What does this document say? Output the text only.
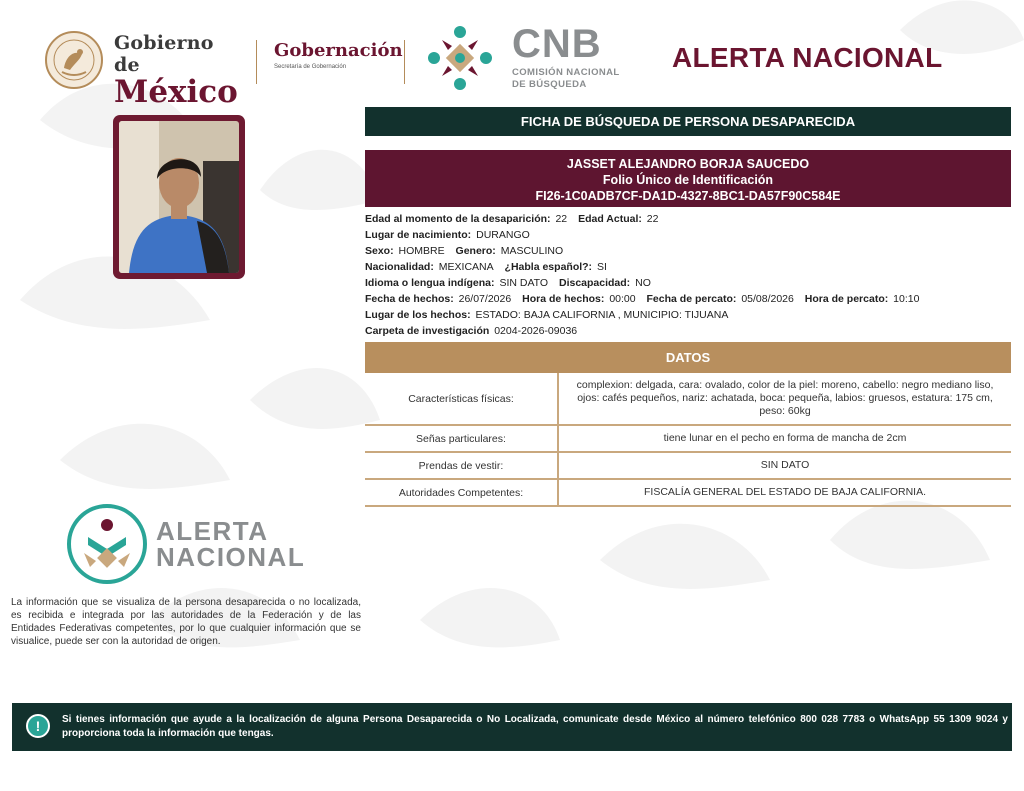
Gobierno de
México
Gobernación
Secretaría de Gobernación
CNB
COMISIÓN NACIONAL
DE BÚSQUEDA
ALERTA NACIONAL
FICHA DE BÚSQUEDA DE PERSONA DESAPARECIDA
JASSET ALEJANDRO BORJA SAUCEDO
Folio Único de Identificación
FI26-1C0ADB7CF-DA1D-4327-8BC1-DA57F90C584E
Edad al momento de la desaparición: 22 Edad Actual: 22
Lugar de nacimiento: DURANGO
Sexo: HOMBRE Genero: MASCULINO
Nacionalidad: MEXICANA ¿Habla español?: SI
Idioma o lengua indígena: SIN DATO Discapacidad: NO
Fecha de hechos: 26/07/2026 Hora de hechos: 00:00 Fecha de percato: 05/08/2026 Hora de percato: 10:10
Lugar de los hechos: ESTADO: BAJA CALIFORNIA , MUNICIPIO: TIJUANA
Carpeta de investigación 0204-2026-09036
DATOS
Características físicas:	complexion: delgada, cara: ovalado, color de la piel: moreno, cabello: negro mediano liso, ojos: cafés pequeños, nariz: achatada, boca: pequeña, labios: gruesos, estatura: 175 cm, peso: 60kg
Señas particulares:	tiene lunar en el pecho en forma de mancha de 2cm
Prendas de vestir:	SIN DATO
Autoridades Competentes:	FISCALÍA GENERAL DEL ESTADO DE BAJA CALIFORNIA.
ALERTA
NACIONAL

La información que se visualiza de la persona desaparecida o no localizada, es recibida e integrada por las autoridades de la Federación y de las Entidades Federativas competentes, por lo que cualquier información que se visualice, puede ser con la autoridad de origen.

!	Si tienes información que ayude a la localización de alguna Persona Desaparecida o No Localizada, comunicate desde México al número telefónico 800 028 7783 o WhatsApp 55 1309 9024 y proporciona toda la información que tengas.
